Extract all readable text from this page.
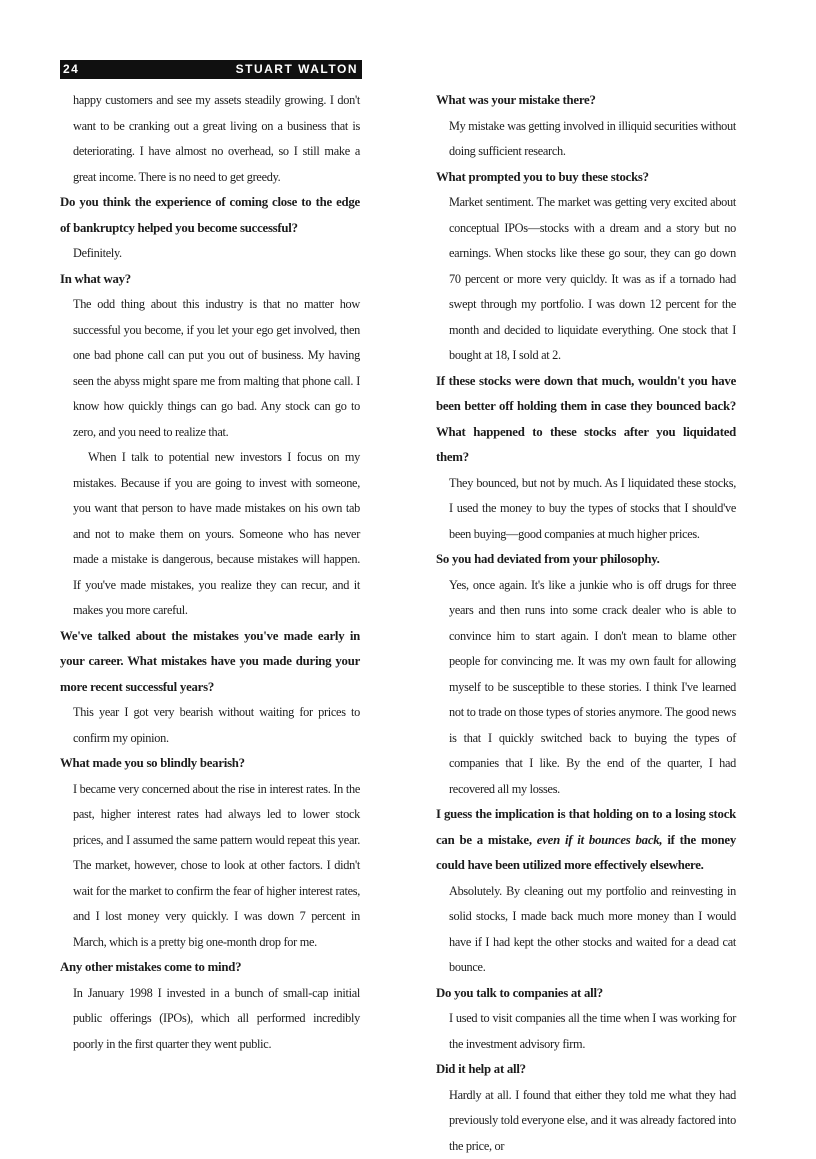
24	STUART WALTON

happy customers and see my assets steadily growing. I don't want to be cranking out a great living on a business that is deteriorating. I have almost no overhead, so I still make a great income. There is no need to get greedy.

Do you think the experience of coming close to the edge of bankruptcy helped you become successful?

Definitely.

In what way?

The odd thing about this industry is that no matter how successful you become, if you let your ego get involved, then one bad phone call can put you out of business. My having seen the abyss might spare me from malting that phone call. I know how quickly things can go bad. Any stock can go to zero, and you need to realize that.

When I talk to potential new investors I focus on my mistakes. Because if you are going to invest with someone, you want that person to have made mistakes on his own tab and not to make them on yours. Someone who has never made a mistake is dangerous, because mistakes will happen. If you've made mistakes, you realize they can recur, and it makes you more careful.

We've talked about the mistakes you've made early in your career. What mistakes have you made during your more recent successful years?

This year I got very bearish without waiting for prices to confirm my opinion.

What made you so blindly bearish?

I became very concerned about the rise in interest rates. In the past, higher interest rates had always led to lower stock prices, and I assumed the same pattern would repeat this year. The market, however, chose to look at other factors. I didn't wait for the market to confirm the fear of higher interest rates, and I lost money very quickly. I was down 7 percent in March, which is a pretty big one-month drop for me.

Any other mistakes come to mind?

In January 1998 I invested in a bunch of small-cap initial public offerings (IPOs), which all performed incredibly poorly in the first quarter they went public.

What was your mistake there?

My mistake was getting involved in illiquid securities without doing sufficient research.

What prompted you to buy these stocks?

Market sentiment. The market was getting very excited about conceptual IPOs—stocks with a dream and a story but no earnings. When stocks like these go sour, they can go down 70 percent or more very quicldy. It was as if a tornado had swept through my portfolio. I was down 12 percent for the month and decided to liquidate everything. One stock that I bought at 18, I sold at 2.

If these stocks were down that much, wouldn't you have been better off holding them in case they bounced back? What happened to these stocks after you liquidated them?

They bounced, but not by much. As I liquidated these stocks, I used the money to buy the types of stocks that I should've been buying—good companies at much higher prices.

So you had deviated from your philosophy.

Yes, once again. It's like a junkie who is off drugs for three years and then runs into some crack dealer who is able to convince him to start again. I don't mean to blame other people for convincing me. It was my own fault for allowing myself to be susceptible to these stories. I think I've learned not to trade on those types of stories anymore. The good news is that I quickly switched back to buying the types of companies that I like. By the end of the quarter, I had recovered all my losses.

I guess the implication is that holding on to a losing stock can be a mistake, even if it bounces back, if the money could have been utilized more effectively elsewhere.

Absolutely. By cleaning out my portfolio and reinvesting in solid stocks, I made back much more money than I would have if I had kept the other stocks and waited for a dead cat bounce.

Do you talk to companies at all?

I used to visit companies all the time when I was working for the investment advisory firm.

Did it help at all?

Hardly at all. I found that either they told me what they had previously told everyone else, and it was already factored into the price, or
